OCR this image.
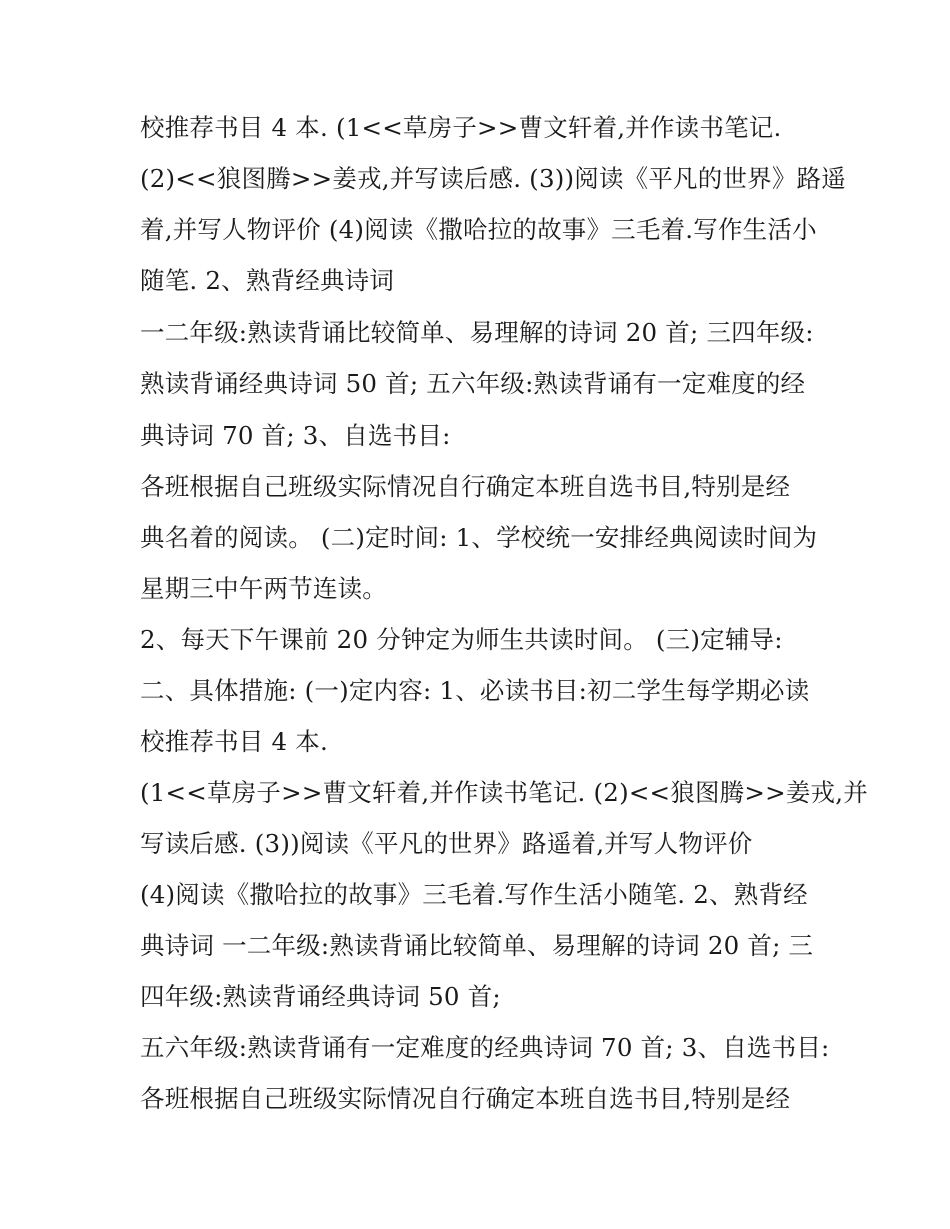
校推荐书目 4 本. (1<<草房子>>曹文轩着,并作读书笔记.
(2)<<狼图腾>>姜戎,并写读后感. (3))阅读《平凡的世界》路遥
着,并写人物评价 (4)阅读《撒哈拉的故事》三毛着.写作生活小
随笔. 2、熟背经典诗词
一二年级:熟读背诵比较简单、易理解的诗词 20 首; 三四年级:
熟读背诵经典诗词 50 首; 五六年级:熟读背诵有一定难度的经
典诗词 70 首; 3、自选书目:
各班根据自己班级实际情况自行确定本班自选书目,特别是经
典名着的阅读。 (二)定时间: 1、学校统一安排经典阅读时间为
星期三中午两节连读。
2、每天下午课前 20 分钟定为师生共读时间。 (三)定辅导:
二、具体措施: (一)定内容: 1、必读书目:初二学生每学期必读
校推荐书目 4 本.
(1<<草房子>>曹文轩着,并作读书笔记. (2)<<狼图腾>>姜戎,并
写读后感. (3))阅读《平凡的世界》路遥着,并写人物评价
(4)阅读《撒哈拉的故事》三毛着.写作生活小随笔. 2、熟背经
典诗词 一二年级:熟读背诵比较简单、易理解的诗词 20 首; 三
四年级:熟读背诵经典诗词 50 首;
五六年级:熟读背诵有一定难度的经典诗词 70 首; 3、自选书目:
各班根据自己班级实际情况自行确定本班自选书目,特别是经
